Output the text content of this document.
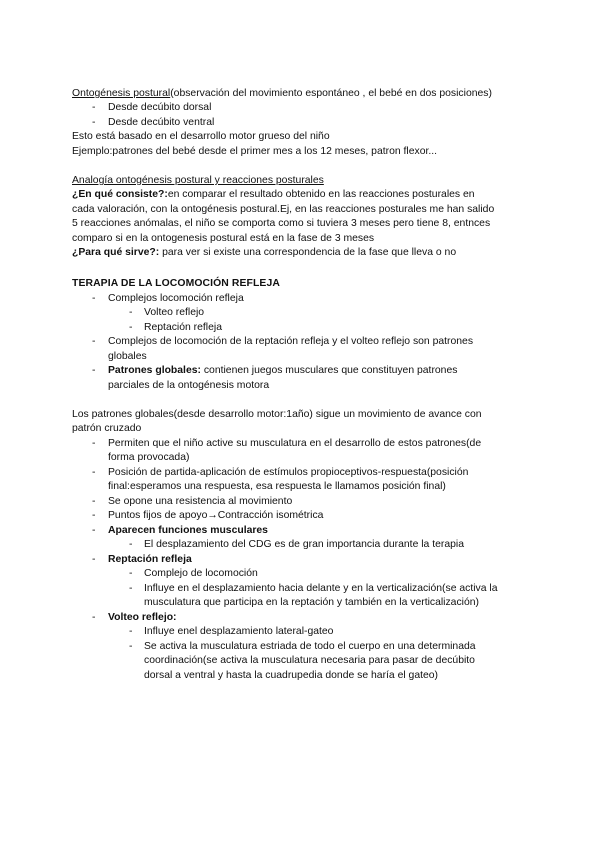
Ontogénesis postural(observación del movimiento espontáneo , el bebé en dos posiciones)
- Desde decúbito dorsal
- Desde decúbito ventral
Esto está basado en el desarrollo motor grueso del niño
Ejemplo:patrones del bebé desde el primer mes a los 12 meses, patron flexor...
Analogía ontogénesis postural y reacciones posturales
¿En qué consiste?:en comparar el resultado obtenido en las reacciones posturales en
cada valoración, con la ontogénesis postural.Ej, en las reacciones posturales me han salido
5 reacciones anómalas, el niño se comporta como si tuviera 3 meses pero tiene 8, entnces
comparo si en la ontogenesis postural está en la fase de 3 meses
¿Para qué sirve?: para ver si existe una correspondencia de la fase que lleva o no
TERAPIA DE LA LOCOMOCIÓN REFLEJA
- Complejos locomoción refleja
- Volteo reflejo
- Reptación refleja
- Complejos de locomoción de la reptación refleja y el volteo reflejo son patrones
globales
- Patrones globales: contienen juegos musculares que constituyen patrones
parciales de la ontogénesis motora
Los patrones globales(desde desarrollo motor:1año) sigue un movimiento de avance con
patrón cruzado
- Permiten que el niño active su musculatura en el desarrollo de estos patrones(de
forma provocada)
- Posición de partida-aplicación de estímulos propioceptivos-respuesta(posición
final:esperamos una respuesta, esa respuesta le llamamos posición final)
- Se opone una resistencia al movimiento
- Puntos fijos de apoyo→Contracción isométrica
- Aparecen funciones musculares
- El desplazamiento del CDG es de gran importancia durante la terapia
- Reptación refleja
- Complejo de locomoción
- Influye en el desplazamiento hacia delante y en la verticalización(se activa la
musculatura que participa en la reptación y también en la verticalización)
- Volteo reflejo:
- Influye enel desplazamiento lateral-gateo
- Se activa la musculatura estriada de todo el cuerpo en una determinada
coordinación(se activa la musculatura necesaria para pasar de decúbito
dorsal a ventral y hasta la cuadrupedia donde se haría el gateo)
